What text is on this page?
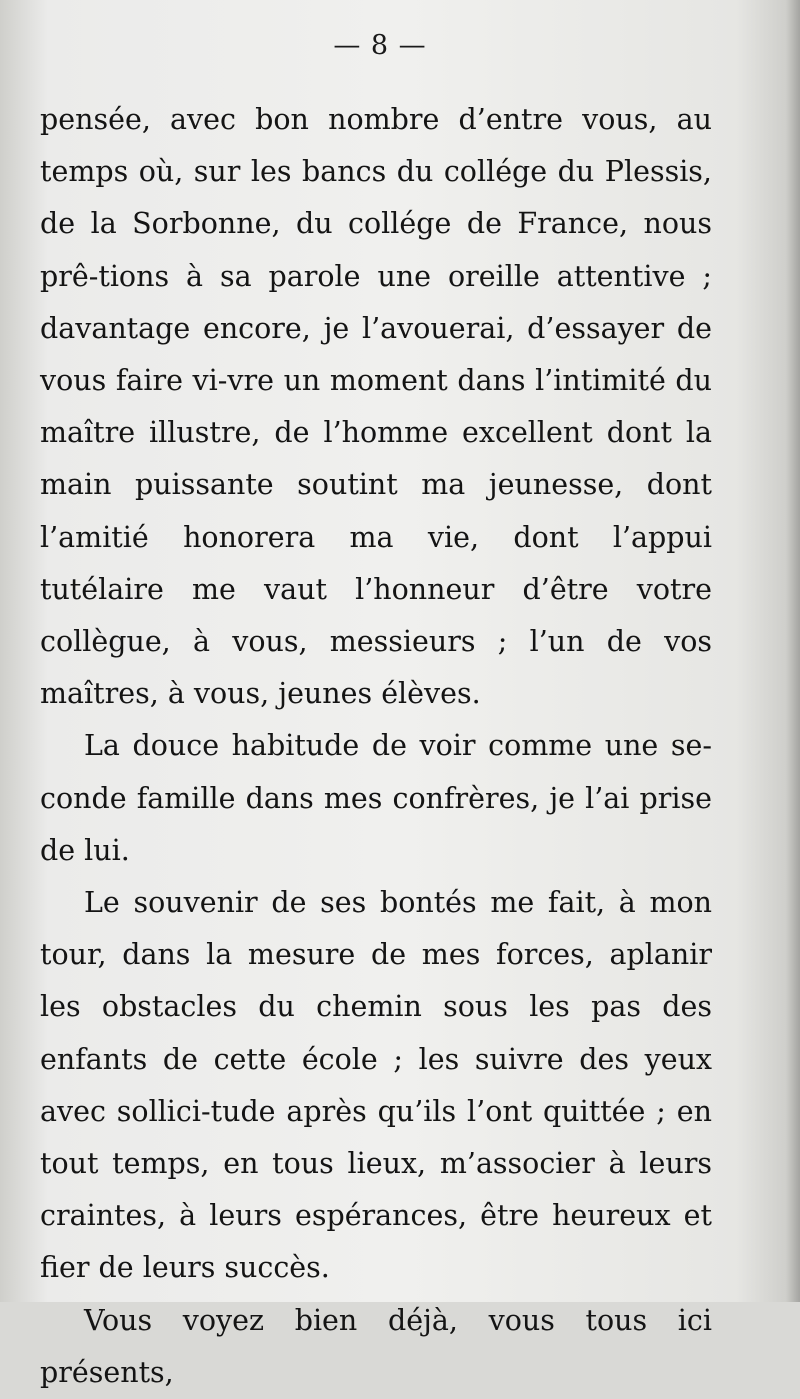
— 8 —

pensée, avec bon nombre d’entre vous, au temps où, sur les bancs du collége du Plessis, de la Sorbonne, du collége de France, nous prê-tions à sa parole une oreille attentive ; davantage encore, je l’avouerai, d’essayer de vous faire vi-vre un moment dans l’intimité du maître illustre, de l’homme excellent dont la main puissante soutint ma jeunesse, dont l’amitié honorera ma vie, dont l’appui tutélaire me vaut l’honneur d’être votre collègue, à vous, messieurs ; l’un de vos maîtres, à vous, jeunes élèves.

La douce habitude de voir comme une se-conde famille dans mes confrères, je l’ai prise de lui.

Le souvenir de ses bontés me fait, à mon tour, dans la mesure de mes forces, aplanir les obstacles du chemin sous les pas des enfants de cette école ; les suivre des yeux avec sollici-tude après qu’ils l’ont quittée ; en tout temps, en tous lieux, m’associer à leurs craintes, à leurs espérances, être heureux et fier de leurs succès.

Vous voyez bien déjà, vous tous ici présents,
